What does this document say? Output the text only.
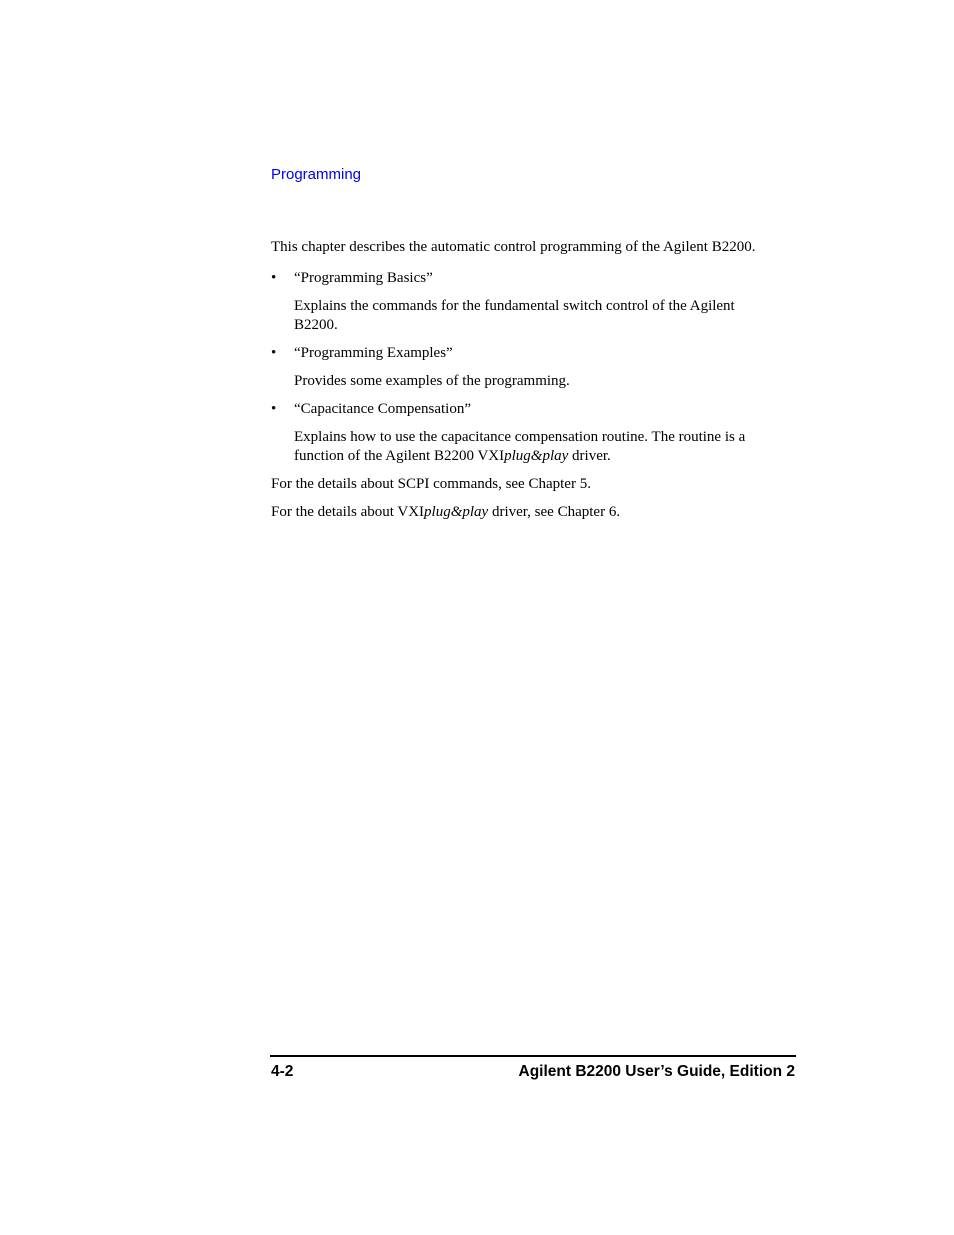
Programming

This chapter describes the automatic control programming of the Agilent B2200.

• “Programming Basics”

Explains the commands for the fundamental switch control of the Agilent B2200.

• “Programming Examples”

Provides some examples of the programming.

• “Capacitance Compensation”

Explains how to use the capacitance compensation routine. The routine is a function of the Agilent B2200 VXIplug&play driver.

For the details about SCPI commands, see Chapter 5.

For the details about VXIplug&play driver, see Chapter 6.

4-2	Agilent B2200 User’s Guide, Edition 2
